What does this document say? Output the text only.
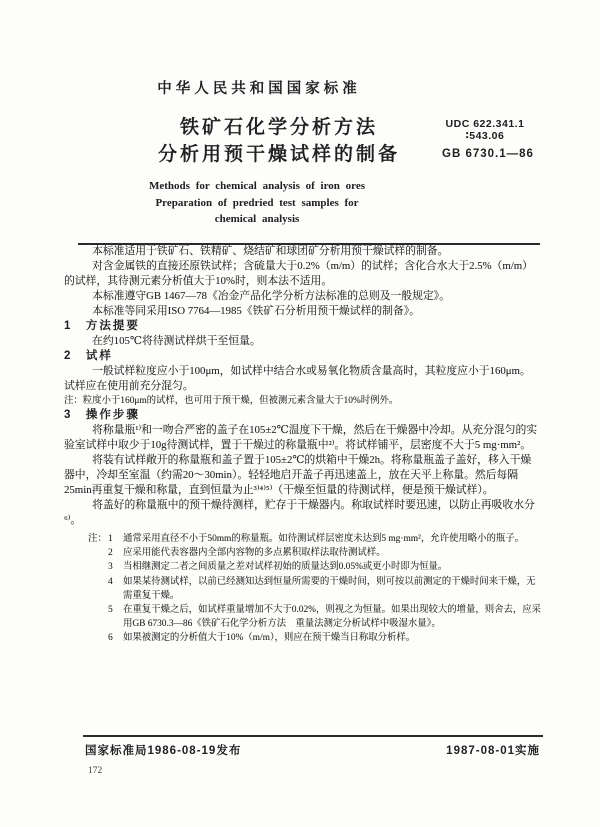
中华人民共和国国家标准
铁矿石化学分析方法
分析用预干燥试样的制备
UDC 622.341.1
∶543.06
GB 6730.1—86
Methods for chemical analysis of iron ores
Preparation of predried test samples for
chemical analysis

本标准适用于铁矿石、铁精矿、烧结矿和球团矿分析用预干燥试样的制备。

对含金属铁的直接还原铁试样；含硫量大于0.2%（m/m）的试样；含化合水大于2.5%（m/m）的试样，其待测元素分析值大于10%时，则本法不适用。

本标准遵守GB 1467—78《冶金产品化学分析方法标准的总则及一般规定》。

本标准等同采用ISO 7764—1985《铁矿石分析用预干燥试样的制备》。

1　方法提要

在约105℃将待测试样烘干至恒量。

2　试样

一般试样粒度应小于100μm，如试样中结合水或易氧化物质含量高时，其粒度应小于160μm。试样应在使用前充分混匀。

注：粒度小于160μm的试样，也可用于预干燥，但被测元素含量大于10%时例外。

3　操作步骤

将称量瓶¹⁾和一吻合严密的盖子在105±2℃温度下干燥，然后在干燥器中冷却。从充分混匀的实验室试样中取少于10g待测试样，置于干燥过的称量瓶中²⁾。将试样铺平，层密度不大于5 mg·mm²。

将装有试样敞开的称量瓶和盖子置于105±2℃的烘箱中干燥2h。将称量瓶盖子盖好，移入干燥器中，冷却至室温（约需20～30min）。轻轻地启开盖子再迅速盖上，放在天平上称量。然后每隔25min再重复干燥和称量，直到恒量为止³⁾⁴⁾⁵⁾（干燥至恒量的待测试样，便是预干燥试样）。

将盖好的称量瓶中的预干燥待测样，贮存于干燥器内。称取试样时要迅速，以防止再吸收水分⁶⁾。

注： 1 通常采用直径不小于50mm的称量瓶。如待测试样层密度未达到5 mg·mm²，允许使用略小的瓶子。
2 应采用能代表容器内全部内容物的多点累积取样法取待测试样。
3 当相继测定二者之间质量之差对试样初始的质量达到0.05%或更小时即为恒量。
4 如果某待测试样，以前已经测知达到恒量所需要的干燥时间，则可按以前测定的干燥时间来干燥，无需重复干燥。
5 在重复干燥之后，如试样重量增加不大于0.02%，则视之为恒量。如果出现较大的增量，则舍去，应采用GB 6730.3—86《铁矿石化学分析方法　重量法测定分析试样中吸湿水量》。
6 如果被测定的分析值大于10%（m/m），则应在预干燥当日称取分析样。
国家标准局1986-08-19发布	1987-08-01实施
172
